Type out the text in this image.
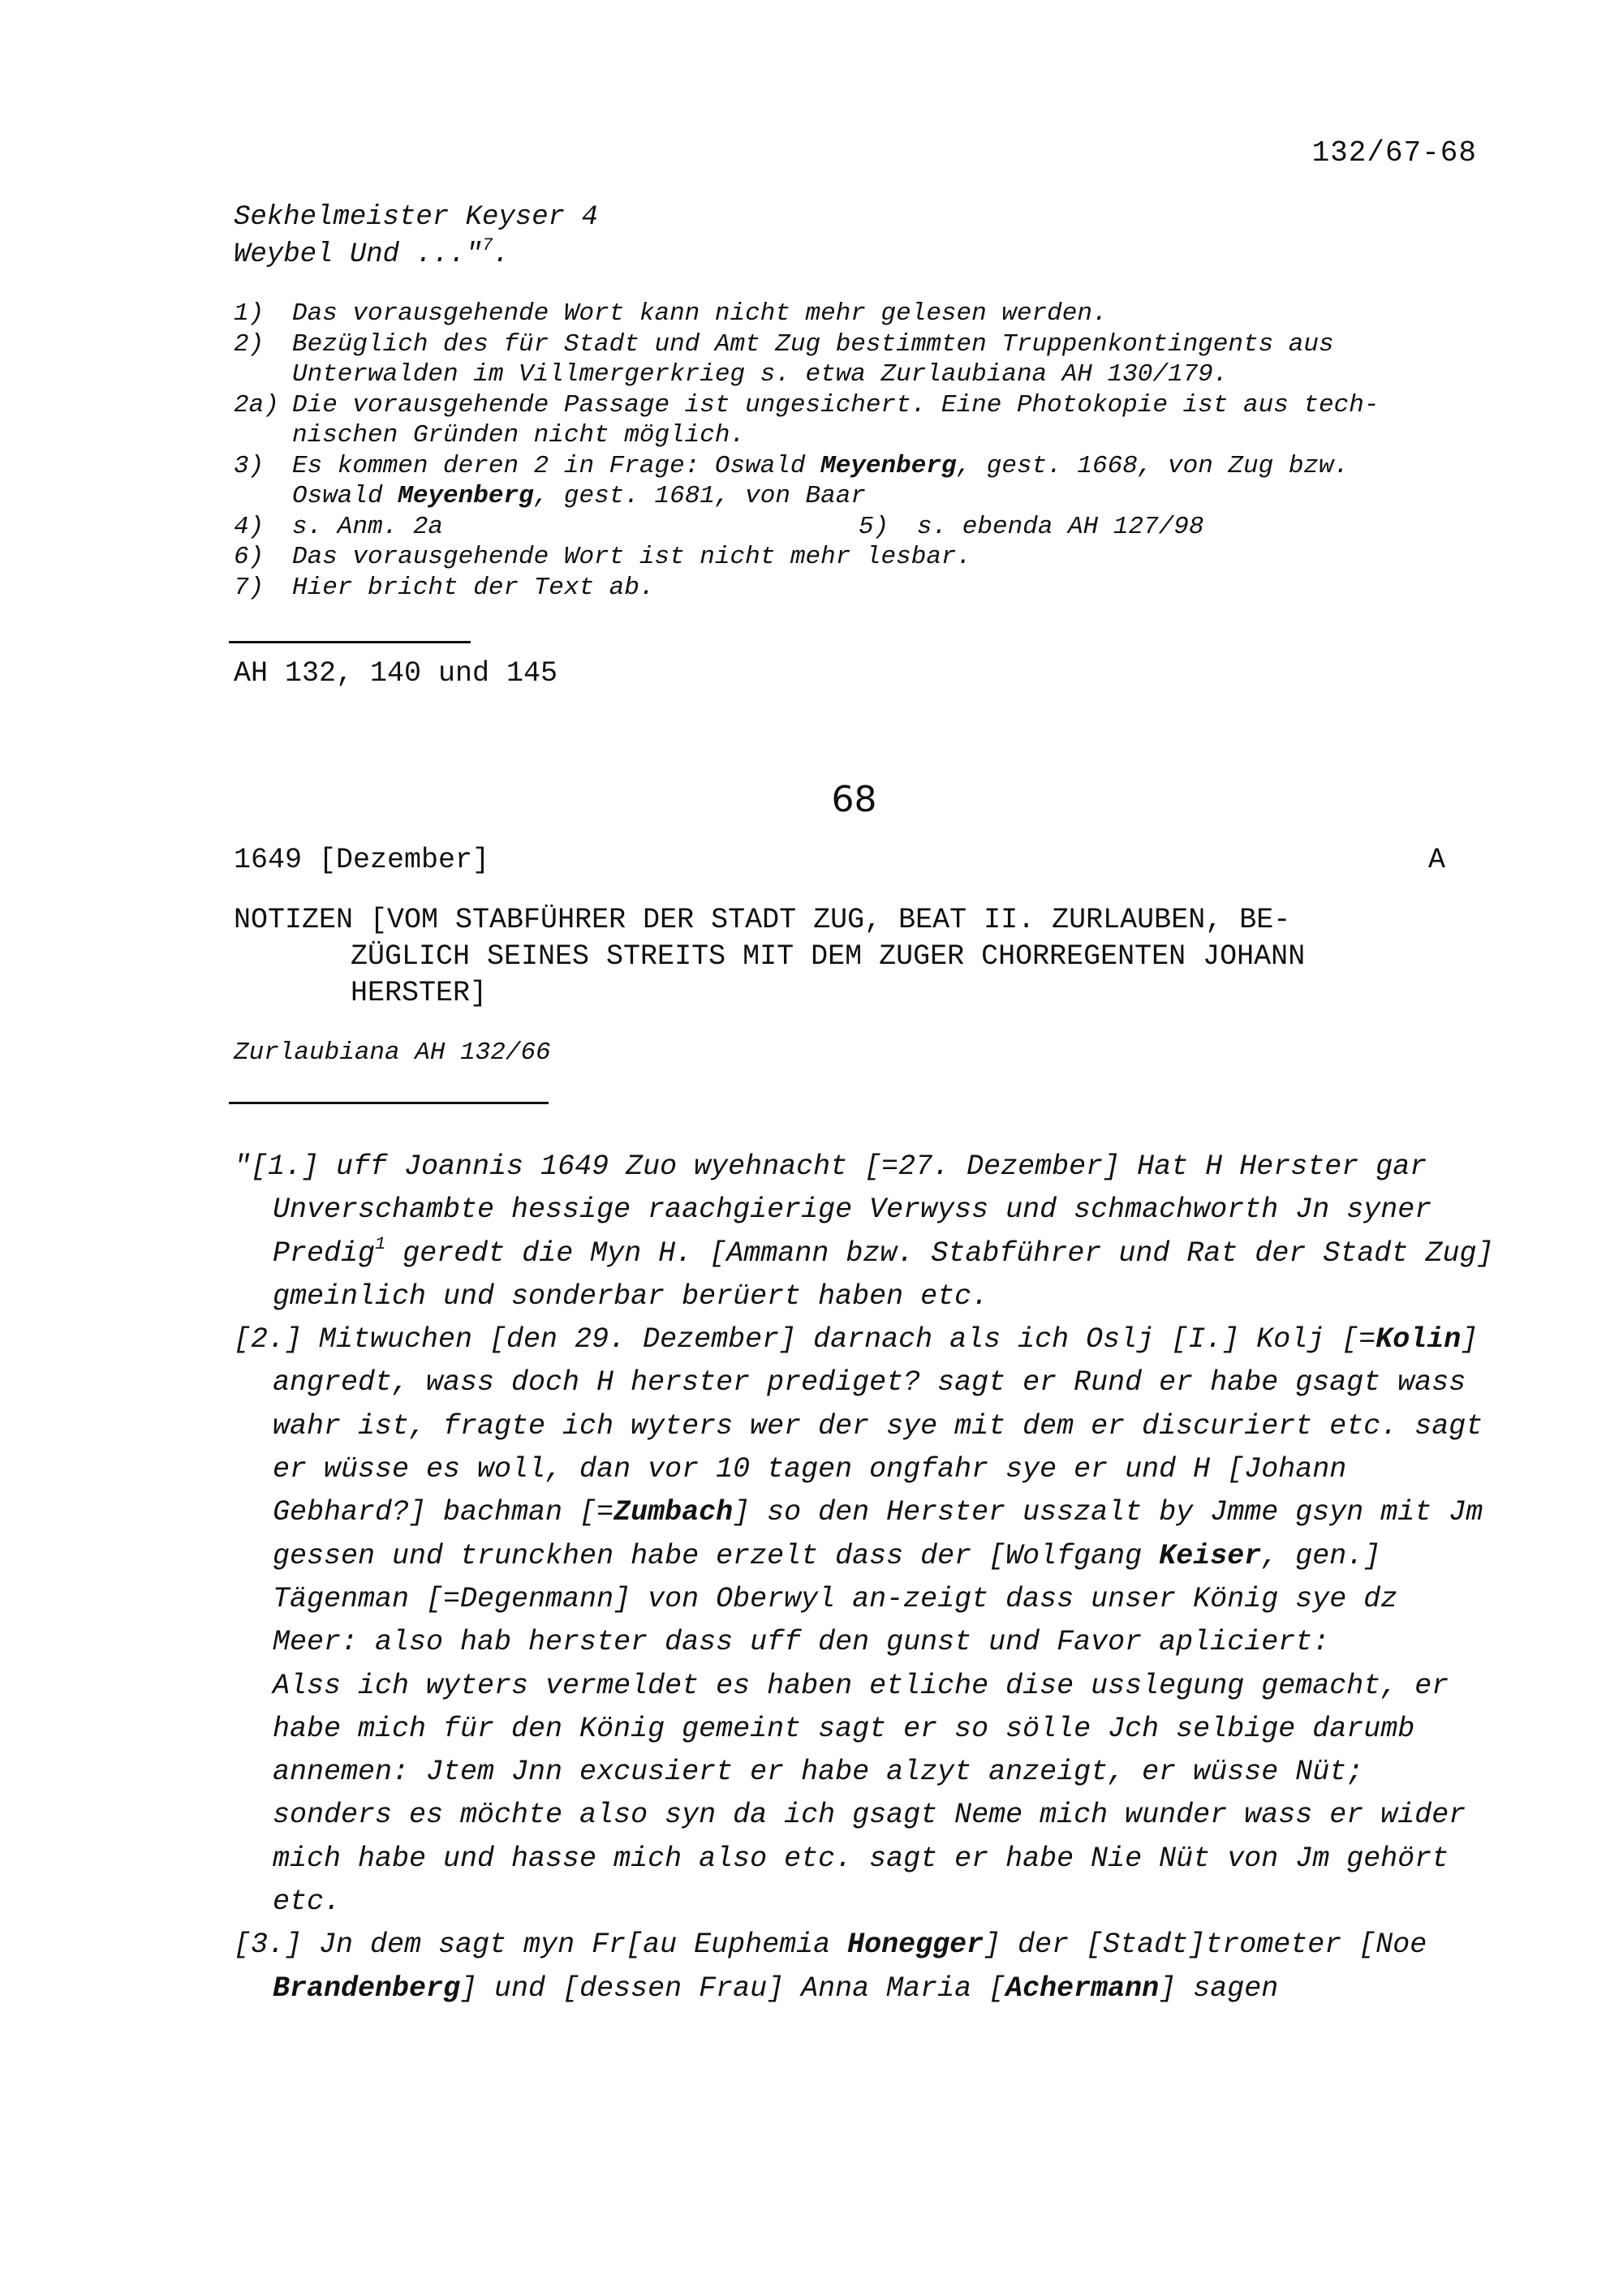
132/67-68
Sekhelmeister Keyser 4
Weybel Und ..."$^7$.
1) Das vorausgehende Wort kann nicht mehr gelesen werden.
2) Bezüglich des für Stadt und Amt Zug bestimmten Truppenkontingents aus
Unterwalden im Villmergerkrieg s. etwa Zurlaubiana AH 130/179.
2a) Die vorausgehende Passage ist ungesichert. Eine Photokopie ist aus tech-
nischen Gründen nicht möglich.
3) Es kommen deren 2 in Frage: Oswald Meyenberg, gest. 1668, von Zug bzw.
Oswald Meyenberg, gest. 1681, von Baar
4) s. Anm. 2a	5) s. ebenda AH 127/98
6) Das vorausgehende Wort ist nicht mehr lesbar.
7) Hier bricht der Text ab.
AH 132, 140 und 145
68
1649 [Dezember]	A
NOTIZEN [VOM STABFÜHRER DER STADT ZUG, BEAT II. ZURLAUBEN, BE-
ZÜGLICH SEINES STREITS MIT DEM ZUGER CHORREGENTEN JOHANN
HERSTER]
Zurlaubiana AH 132/66
"[1.] uff Joannis 1649 Zuo wyehnacht [=27. Dezember] Hat H Herster gar Unverschambte hessige raachgierige Verwyss und schmachworth Jn syner Predig$^1$ geredt die Myn H. [Ammann bzw. Stabführer und Rat der Stadt Zug] gmeinlich und sonderbar berüert haben etc.
[2.] Mitwuchen [den 29. Dezember] darnach als ich Oslj [I.] Kolj [=Kolin] angredt, wass doch H herster prediget? sagt er Rund er habe gsagt wass wahr ist, fragte ich wyters wer der sye mit dem er discuriert etc. sagt er wüsse es woll, dan vor 10 tagen ongfahr sye er und H [Johann Gebhard?] bachman [=Zumbach] so den Herster usszalt by Jmme gsyn mit Jm gessen und trunckhen habe erzelt dass der [Wolfgang Keiser, gen.] Tägenman [=Degenmann] von Oberwyl an-zeigt dass unser König sye dz Meer: also hab herster dass uff den gunst und Favor apliciert:
Alss ich wyters vermeldet es haben etliche dise usslegung gemacht, er habe mich für den König gemeint sagt er so sölle Jch selbige darumb annemen: Jtem Jnn excusiert er habe alzyt anzeigt, er wüsse Nüt; sonders es möchte also syn da ich gsagt Neme mich wunder wass er wider mich habe und hasse mich also etc. sagt er habe Nie Nüt von Jm gehört etc.
[3.] Jn dem sagt myn Fr[au Euphemia Honegger] der [Stadt]trometer [Noe Brandenberg] und [dessen Frau] Anna Maria [Achermann] sagen
